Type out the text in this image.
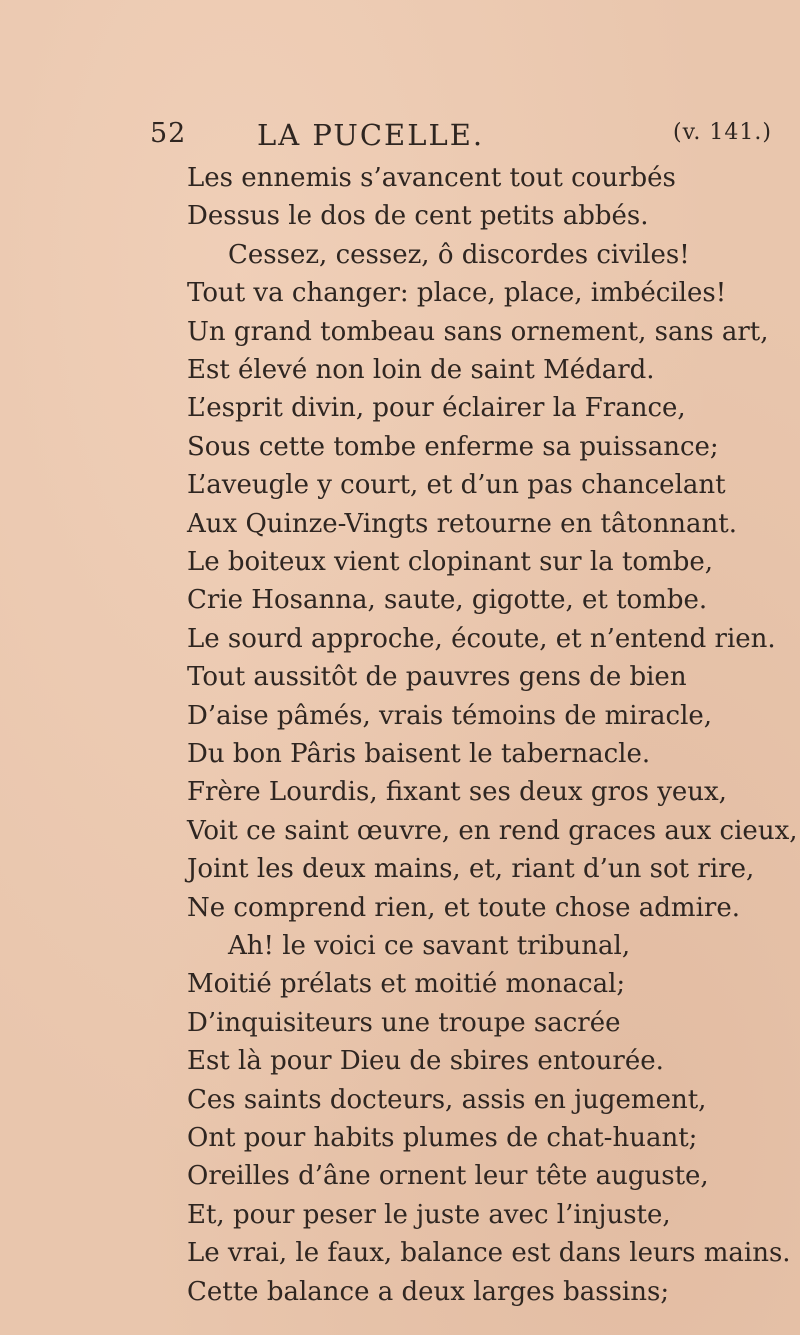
52 LA PUCELLE.	(v. 141.)
Les ennemis s’avancent tout courbés
Dessus le dos de cent petits abbés.
Cessez, cessez, ô discordes civiles!
Tout va changer: place, place, imbéciles!
Un grand tombeau sans ornement, sans art,
Est élevé non loin de saint Médard.
L’esprit divin, pour éclairer la France,
Sous cette tombe enferme sa puissance;
L’aveugle y court, et d’un pas chancelant
Aux Quinze-Vingts retourne en tâtonnant.
Le boiteux vient clopinant sur la tombe,
Crie Hosanna, saute, gigotte, et tombe.
Le sourd approche, écoute, et n’entend rien.
Tout aussitôt de pauvres gens de bien
D’aise pâmés, vrais témoins de miracle,
Du bon Pâris baisent le tabernacle.
Frère Lourdis, fixant ses deux gros yeux,
Voit ce saint œuvre, en rend graces aux cieux,
Joint les deux mains, et, riant d’un sot rire,
Ne comprend rien, et toute chose admire.
Ah! le voici ce savant tribunal,
Moitié prélats et moitié monacal;
D’inquisiteurs une troupe sacrée
Est là pour Dieu de sbires entourée.
Ces saints docteurs, assis en jugement,
Ont pour habits plumes de chat-huant;
Oreilles d’âne ornent leur tête auguste,
Et, pour peser le juste avec l’injuste,
Le vrai, le faux, balance est dans leurs mains.
Cette balance a deux larges bassins;
